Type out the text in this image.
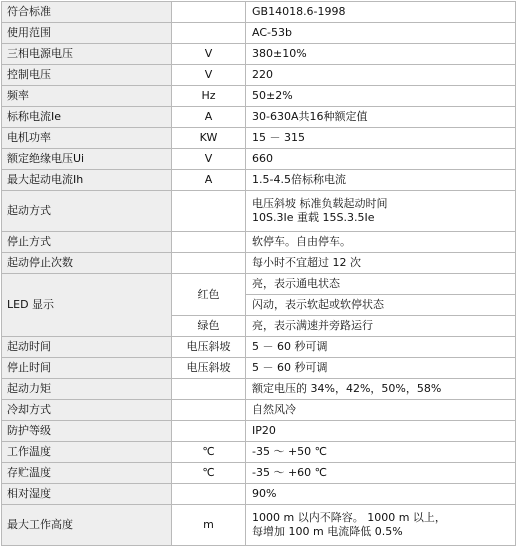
符合标准		GB14018.6-1998

使用范围		AC-53b

三相电源电压	V	380±10%

控制电压	V	220

频率	Hz	50±2%

标称电流Ie	A	30-630A共16种额定值

电机功率	KW	15 － 315

额定绝缘电压Ui	V	660

最大起动电流Ih	A	1.5-4.5倍标称电流

起动方式		电压斜坡 标准负载起动时间
10S.3Ie 重载 15S.3.5Ie

停止方式		软停车。自由停车。

起动停止次数		每小时不宜超过 12 次

LED 显示	红色	亮，表示通电状态
		闪动，表示软起或软停状态
	绿色	亮，表示满速并旁路运行
起动时间	电压斜坡	5 － 60 秒可调

停止时间	电压斜坡	5 － 60 秒可调

起动力矩		额定电压的 34%，42%，50%，58%

冷却方式		自然风冷

防护等级		IP20

工作温度	℃	-35 ～ +50 ℃

存贮温度	℃	-35 ～ +60 ℃

相对湿度		90%

最大工作高度	m	1000 m 以内不降容。 1000 m 以上，
每增加 100 m 电流降低 0.5%
